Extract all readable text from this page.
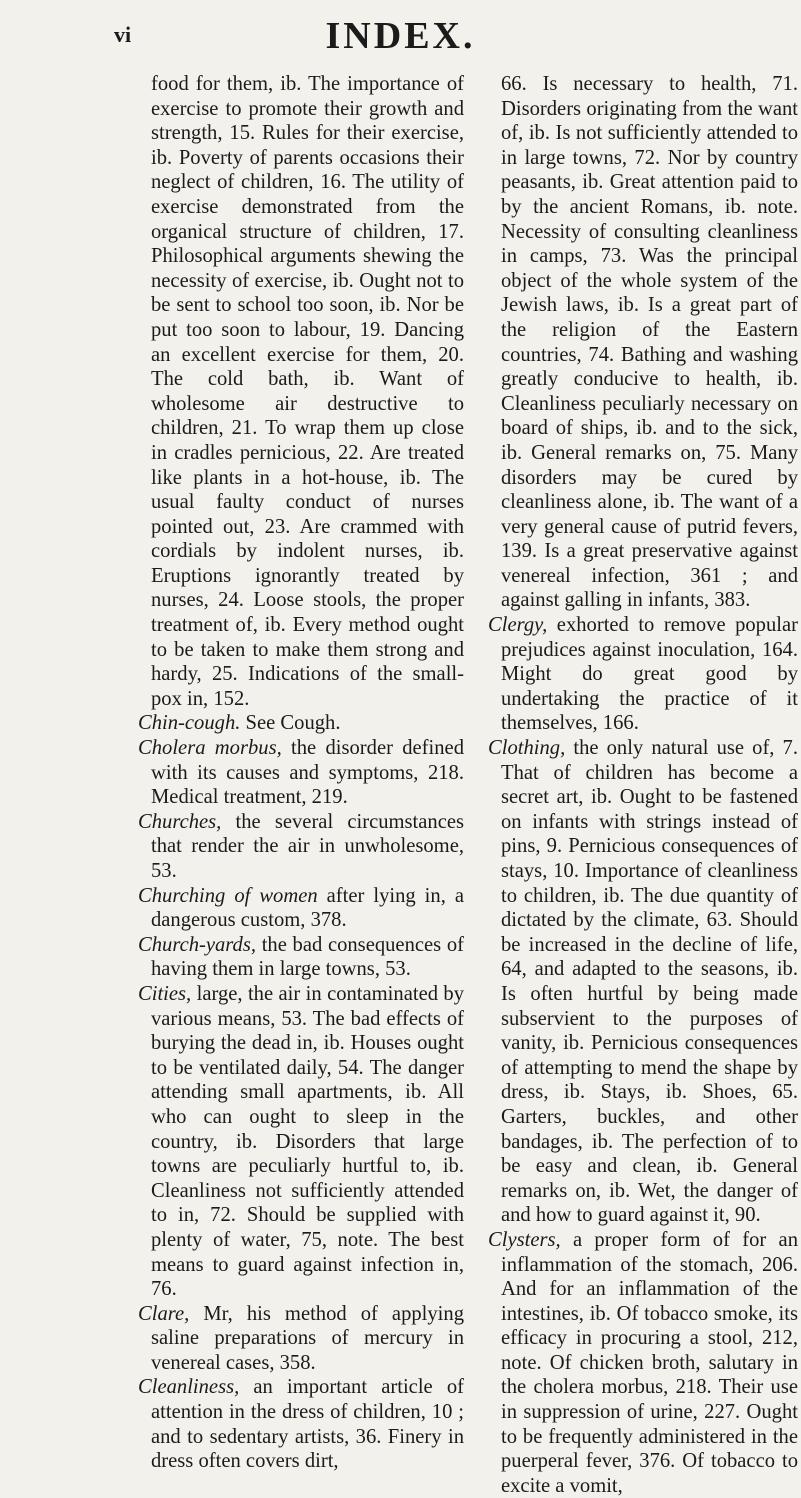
vi	INDEX.

food for them, ib. The importance of exercise to promote their growth and strength, 15. Rules for their exercise, ib. Poverty of parents occasions their neglect of children, 16. The utility of exercise demonstrated from the organical structure of children, 17. Philosophical arguments shewing the necessity of exercise, ib. Ought not to be sent to school too soon, ib. Nor be put too soon to labour, 19. Dancing an excellent exercise for them, 20. The cold bath, ib. Want of wholesome air destructive to children, 21. To wrap them up close in cradles pernicious, 22. Are treated like plants in a hot-house, ib. The usual faulty conduct of nurses pointed out, 23. Are crammed with cordials by indolent nurses, ib. Eruptions ignorantly treated by nurses, 24. Loose stools, the proper treatment of, ib. Every method ought to be taken to make them strong and hardy, 25. Indications of the small-pox in, 152.

Chin-cough. See Cough.

Cholera morbus, the disorder defined with its causes and symptoms, 218. Medical treatment, 219.

Churches, the several circumstances that render the air in unwholesome, 53.

Churching of women after lying in, a dangerous custom, 378.

Church-yards, the bad consequences of having them in large towns, 53.

Cities, large, the air in contaminated by various means, 53. The bad effects of burying the dead in, ib. Houses ought to be ventilated daily, 54. The danger attending small apartments, ib. All who can ought to sleep in the country, ib. Disorders that large towns are peculiarly hurtful to, ib. Cleanliness not sufficiently attended to in, 72. Should be supplied with plenty of water, 75, note. The best means to guard against infection in, 76.

Clare, Mr, his method of applying saline preparations of mercury in venereal cases, 358.

Cleanliness, an important article of attention in the dress of children, 10 ; and to sedentary artists, 36. Finery in dress often covers dirt,

66. Is necessary to health, 71. Disorders originating from the want of, ib. Is not sufficiently attended to in large towns, 72. Nor by country peasants, ib. Great attention paid to by the ancient Romans, ib. note. Necessity of consulting cleanliness in camps, 73. Was the principal object of the whole system of the Jewish laws, ib. Is a great part of the religion of the Eastern countries, 74. Bathing and washing greatly conducive to health, ib. Cleanliness peculiarly necessary on board of ships, ib. and to the sick, ib. General remarks on, 75. Many disorders may be cured by cleanliness alone, ib. The want of a very general cause of putrid fevers, 139. Is a great preservative against venereal infection, 361 ; and against galling in infants, 383.

Clergy, exhorted to remove popular prejudices against inoculation, 164. Might do great good by undertaking the practice of it themselves, 166.

Clothing, the only natural use of, 7. That of children has become a secret art, ib. Ought to be fastened on infants with strings instead of pins, 9. Pernicious consequences of stays, 10. Importance of cleanliness to children, ib. The due quantity of dictated by the climate, 63. Should be increased in the decline of life, 64, and adapted to the seasons, ib. Is often hurtful by being made subservient to the purposes of vanity, ib. Pernicious consequences of attempting to mend the shape by dress, ib. Stays, ib. Shoes, 65. Garters, buckles, and other bandages, ib. The perfection of to be easy and clean, ib. General remarks on, ib. Wet, the danger of and how to guard against it, 90.

Clysters, a proper form of for an inflammation of the stomach, 206. And for an inflammation of the intestines, ib. Of tobacco smoke, its efficacy in procuring a stool, 212, note. Of chicken broth, salutary in the cholera morbus, 218. Their use in suppression of urine, 227. Ought to be frequently administered in the puerperal fever, 376. Of tobacco to excite a vomit,
